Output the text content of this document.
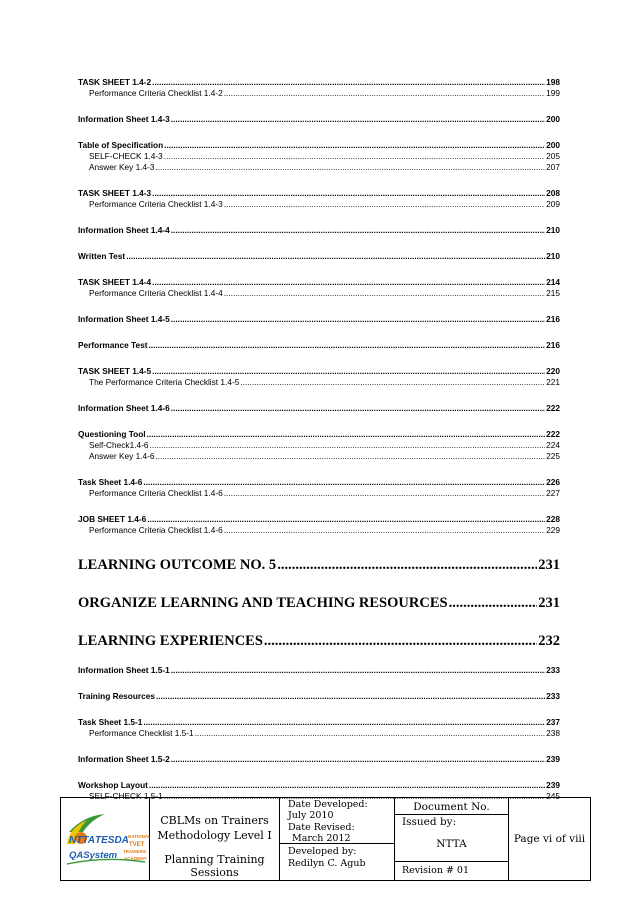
TASK SHEET 1.4-2 .....	198
Performance Criteria Checklist 1.4-2 .....	199
Information Sheet 1.4-3 .....	200
Table of Specification .....	200
SELF-CHECK 1.4-3 .....	205
Answer Key 1.4-3 .....	207
TASK SHEET 1.4-3 .....	208
Performance Criteria Checklist 1.4-3 .....	209
Information Sheet 1.4-4 .....	210
Written Test .....	210
TASK SHEET 1.4-4 .....	214
Performance Criteria Checklist 1.4-4 .....	215
Information Sheet 1.4-5 .....	216
Performance Test .....	216
TASK SHEET 1.4-5 .....	220
The Performance Criteria Checklist 1.4-5 .....	221
Information Sheet 1.4-6 .....	222
Questioning Tool .....	222
Self-Check1.4-6 .....	224
Answer Key 1.4-6 .....	225
Task Sheet 1.4-6 .....	226
Performance Criteria Checklist 1.4-6 .....	227
JOB SHEET 1.4-6 .....	228
Performance Criteria Checklist 1.4-6 .....	229
LEARNING OUTCOME NO. 5 .....	231
ORGANIZE LEARNING AND TEACHING RESOURCES .....	231
LEARNING EXPERIENCES .....	232
Information Sheet 1.5-1 .....	233
Training Resources .....	233
Task Sheet 1.5-1 .....	237
Performance Checklist 1.5-1 .....	238
Information Sheet 1.5-2 .....	239
Workshop Layout .....	239
SELF-CHECK 1.5-1 .....	245
NTTA TESDA NATIONAL
TVET
QASystem TRAINERS
ACADEMY
CBLMs on Trainers
Methodology Level I
Planning Training
Sessions
Date Developed:
July 2010
Date Revised:
March 2012
Developed by:
Redilyn C. Agub
Document No.
Issued by:
NTTA
Revision # 01
Page vi of viii
